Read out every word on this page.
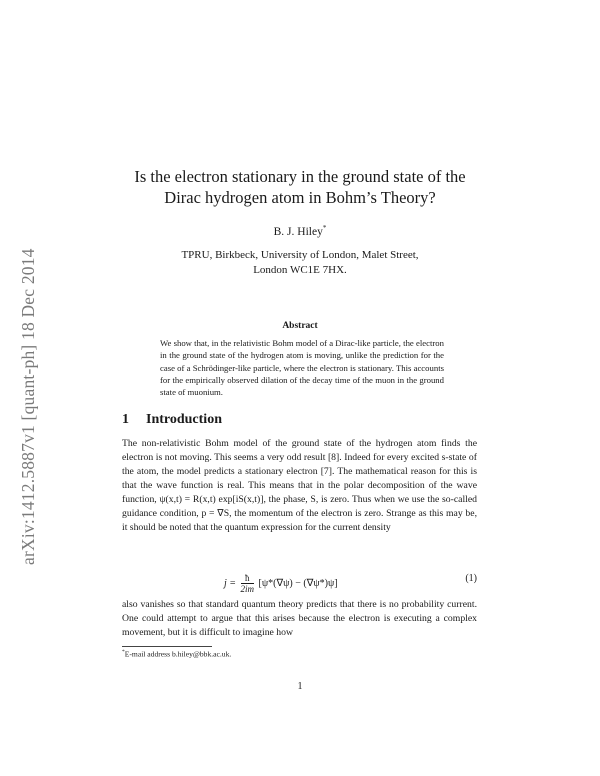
arXiv:1412.5887v1 [quant-ph] 18 Dec 2014
Is the electron stationary in the ground state of the
Dirac hydrogen atom in Bohm’s Theory?
B. J. Hiley*
TPRU, Birkbeck, University of London, Malet Street,
London WC1E 7HX.
Abstract
We show that, in the relativistic Bohm model of a Dirac-like particle, the electron in the ground state of the hydrogen atom is moving, unlike the prediction for the case of a Schrödinger-like particle, where the electron is stationary. This accounts for the empirically observed dilation of the decay time of the muon in the ground state of muonium.
1 Introduction
The non-relativistic Bohm model of the ground state of the hydrogen atom finds the electron is not moving. This seems a very odd result [8]. Indeed for every excited s-state of the atom, the model predicts a stationary electron [7]. The mathematical reason for this is that the wave function is real. This means that in the polar decomposition of the wave function, ψ(x,t) = R(x,t) exp[iS(x,t)], the phase, S, is zero. Thus when we use the so-called guidance condition, p = ∇S, the momentum of the electron is zero. Strange as this may be, it should be noted that the quantum expression for the current density
$j = \frac{ħ}{2im} [\psi*(\nabla\psi) - (\nabla\psi*)\psi]$	(1)
also vanishes so that standard quantum theory predicts that there is no probability current. One could attempt to argue that this arises because the electron is executing a complex movement, but it is difficult to imagine how
*E-mail address b.hiley@bbk.ac.uk.
1
